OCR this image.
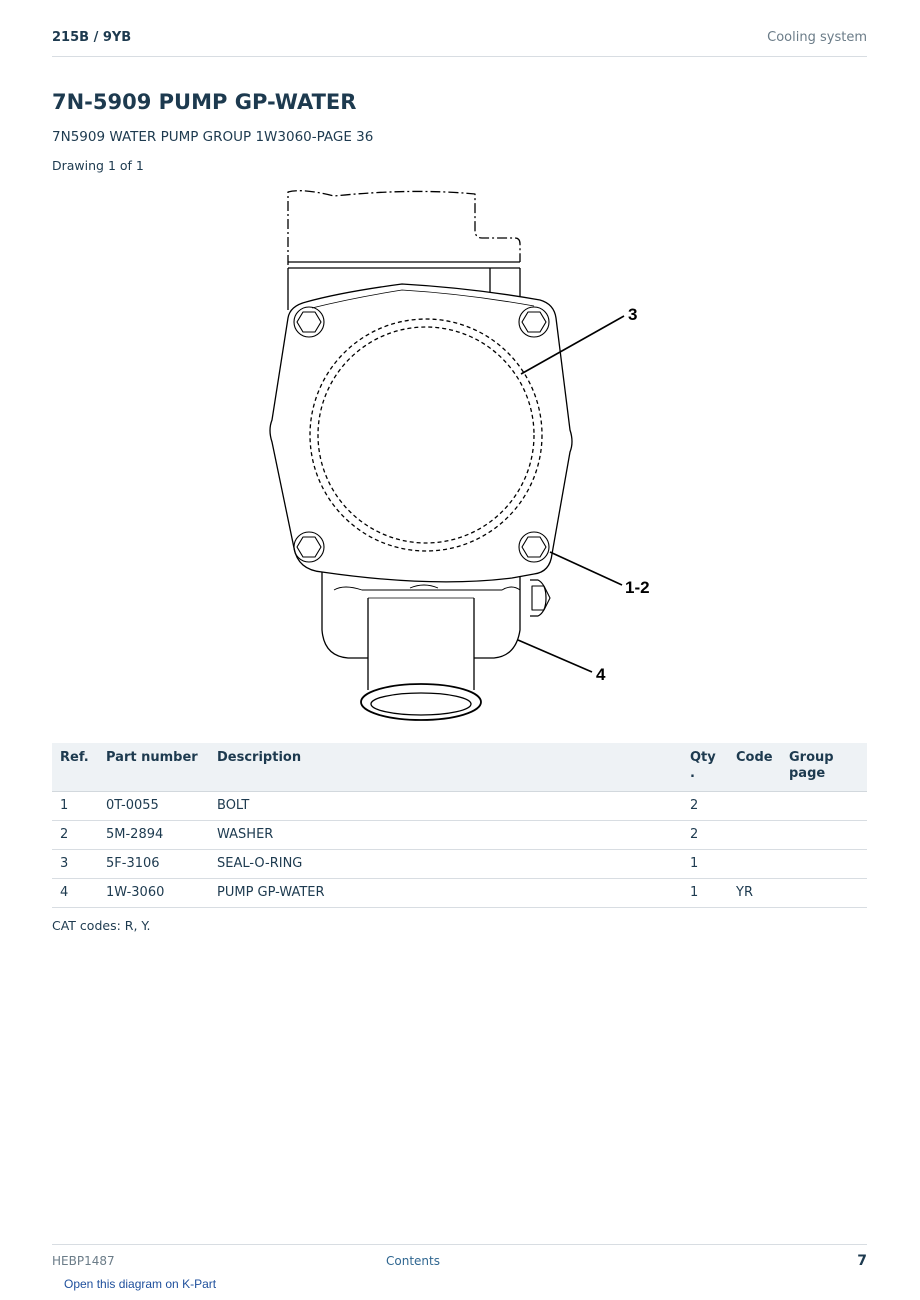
215B / 9YB	Cooling system
7N-5909 PUMP GP-WATER
7N5909 WATER PUMP GROUP 1W3060-PAGE 36
Drawing 1 of 1
3
1-2
4
Ref.	Part number	Description	Qty .	Code	Group page
1	0T-0055	BOLT	2		
2	5M-2894	WASHER	2		
3	5F-3106	SEAL-O-RING	1		
4	1W-3060	PUMP GP-WATER	1	YR	
CAT codes: R, Y.
HEBP1487	Contents	7
Open this diagram on K-Part
